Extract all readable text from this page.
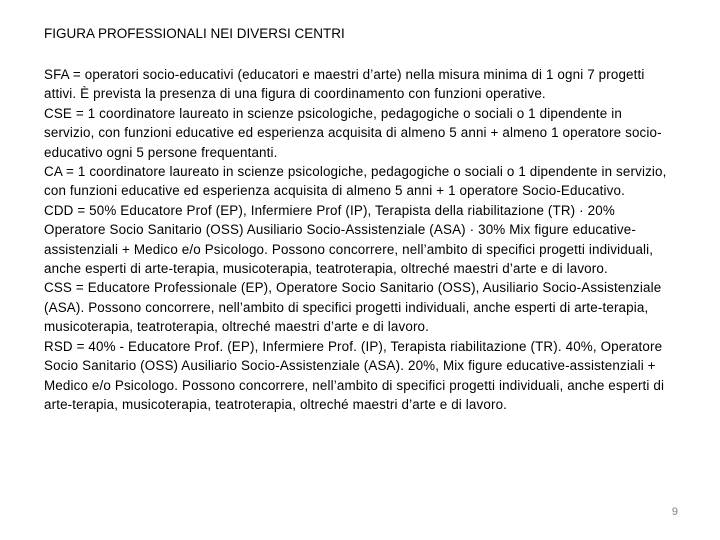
FIGURA PROFESSIONALI NEI DIVERSI CENTRI

SFA = operatori socio-educativi (educatori e maestri d’arte) nella misura minima di 1 ogni 7 progetti attivi. È prevista la presenza di una figura di coordinamento con funzioni operative.

CSE = 1 coordinatore laureato in scienze psicologiche, pedagogiche o sociali o 1 dipendente in servizio, con funzioni educative ed esperienza acquisita di almeno 5 anni + almeno 1 operatore socio-educativo ogni 5 persone frequentanti.

CA = 1 coordinatore laureato in scienze psicologiche, pedagogiche o sociali o 1 dipendente in servizio, con funzioni educative ed esperienza acquisita di almeno 5 anni + 1 operatore Socio-Educativo.

CDD = 50% Educatore Prof (EP), Infermiere Prof (IP), Terapista della riabilitazione (TR) · 20% Operatore Socio Sanitario (OSS) Ausiliario Socio-Assistenziale (ASA) · 30% Mix figure educative-assistenziali + Medico e/o Psicologo. Possono concorrere, nell’ambito di specifici progetti individuali, anche esperti di arte-terapia, musicoterapia, teatroterapia, oltreché maestri d’arte e di lavoro.

CSS = Educatore Professionale (EP), Operatore Socio Sanitario (OSS), Ausiliario Socio-Assistenziale (ASA). Possono concorrere, nell’ambito di specifici progetti individuali, anche esperti di arte-terapia, musicoterapia, teatroterapia, oltreché maestri d’arte e di lavoro.

RSD = 40% - Educatore Prof. (EP), Infermiere Prof. (IP), Terapista riabilitazione (TR). 40%, Operatore Socio Sanitario (OSS) Ausiliario Socio-Assistenziale (ASA). 20%, Mix figure educative-assistenziali + Medico e/o Psicologo. Possono concorrere, nell’ambito di specifici progetti individuali, anche esperti di arte-terapia, musicoterapia, teatroterapia, oltreché maestri d’arte e di lavoro.

9
